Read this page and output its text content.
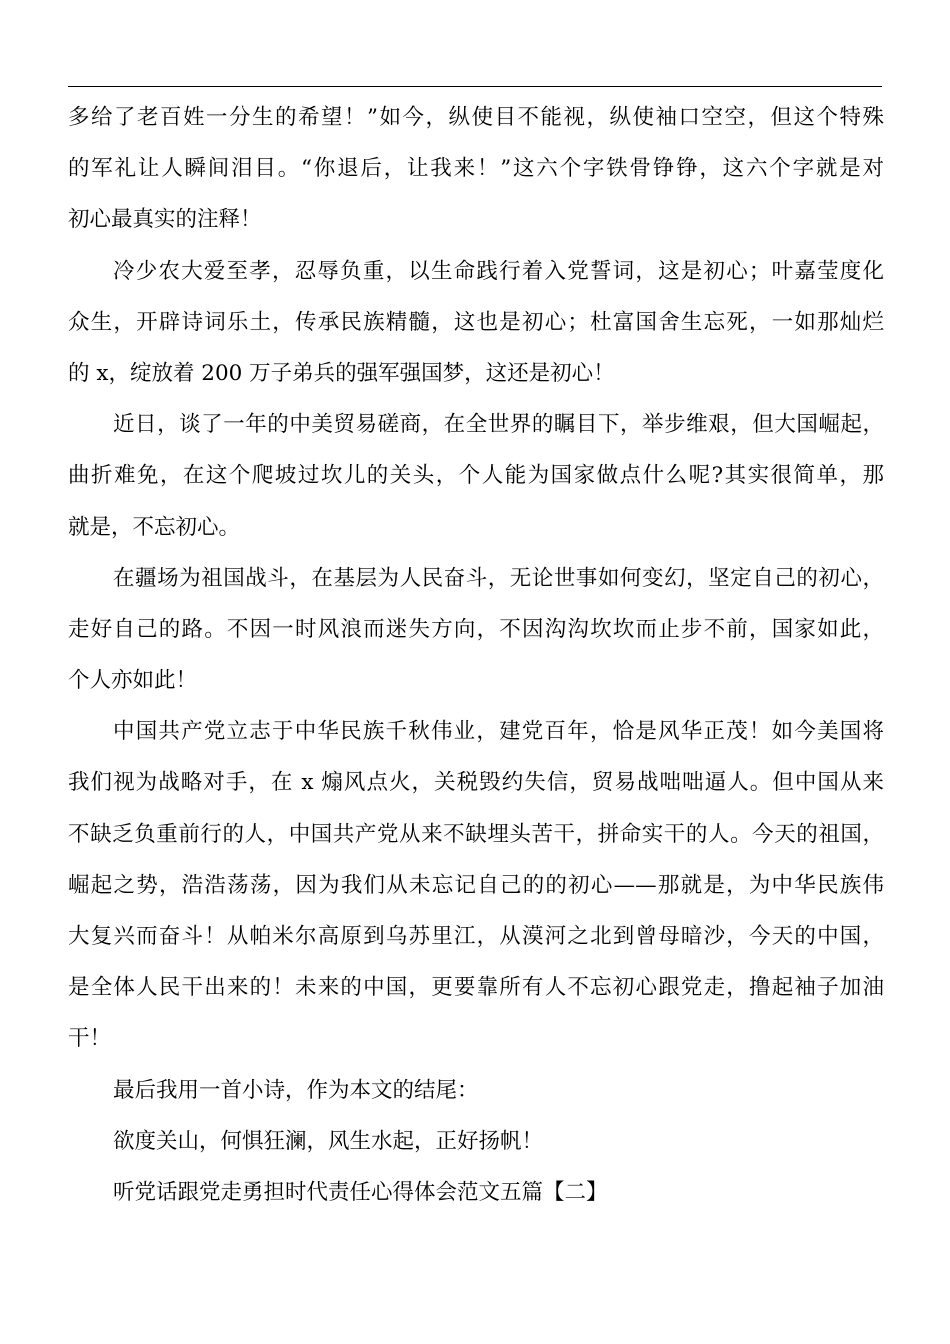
多给了老百姓一分生的希望！”如今，纵使目不能视，纵使袖口空空，但这个特殊
的军礼让人瞬间泪目。“你退后，让我来！”这六个字铁骨铮铮，这六个字就是对
初心最真实的注释！
冷少农大爱至孝，忍辱负重，以生命践行着入党誓词，这是初心；叶嘉莹度化
众生，开辟诗词乐土，传承民族精髓，这也是初心；杜富国舍生忘死，一如那灿烂
的 x，绽放着 200 万子弟兵的强军强国梦，这还是初心！
近日，谈了一年的中美贸易磋商，在全世界的瞩目下，举步维艰，但大国崛起，
曲折难免，在这个爬坡过坎儿的关头，个人能为国家做点什么呢?其实很简单，那
就是，不忘初心。
在疆场为祖国战斗，在基层为人民奋斗，无论世事如何变幻，坚定自己的初心，
走好自己的路。不因一时风浪而迷失方向，不因沟沟坎坎而止步不前，国家如此，
个人亦如此！
中国共产党立志于中华民族千秋伟业，建党百年，恰是风华正茂！如今美国将
我们视为战略对手，在 x 煽风点火，关税毁约失信，贸易战咄咄逼人。但中国从来
不缺乏负重前行的人，中国共产党从来不缺埋头苦干，拼命实干的人。今天的祖国，
崛起之势，浩浩荡荡，因为我们从未忘记自己的的初心——那就是，为中华民族伟
大复兴而奋斗！从帕米尔高原到乌苏里江，从漠河之北到曾母暗沙，今天的中国，
是全体人民干出来的！未来的中国，更要靠所有人不忘初心跟党走，撸起袖子加油
干！
最后我用一首小诗，作为本文的结尾：
欲度关山，何惧狂澜，风生水起，正好扬帆！
听党话跟党走勇担时代责任心得体会范文五篇【二】
